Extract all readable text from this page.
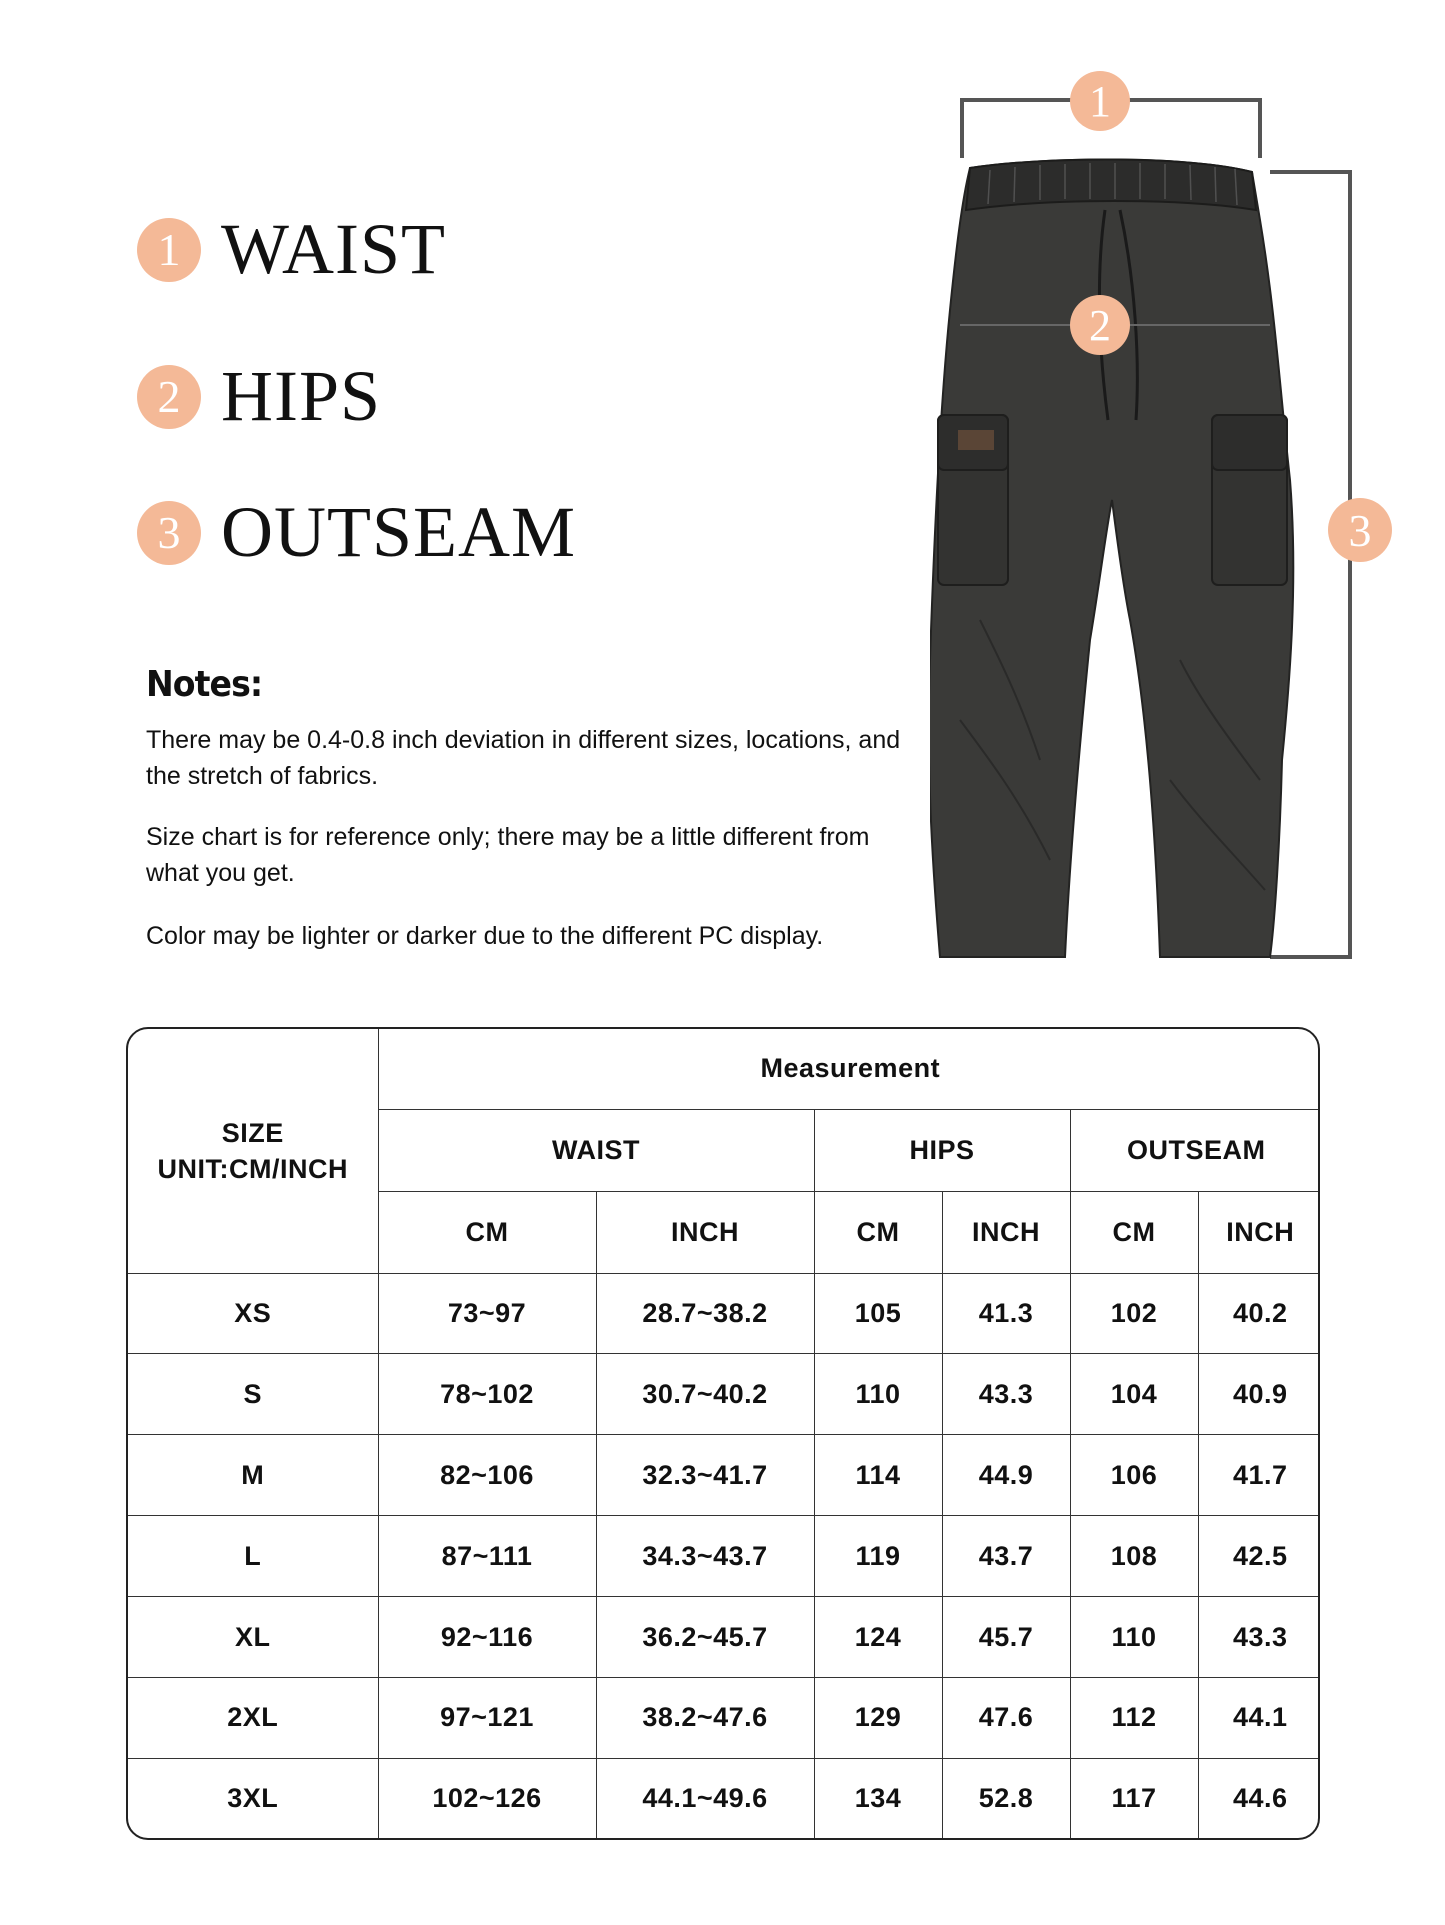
1 WAIST
2 HIPS
3 OUTSEAM
Notes:
There may be 0.4-0.8 inch deviation in different sizes, locations, and the stretch of fabrics.
Size chart is for reference only; there may be a little different from what you get.
Color may be lighter or darker due to the different PC display.
1
2
3
SIZE
UNIT:CM/INCH	Measurement					
	WAIST		HIPS		OUTSEAM	
	CM	INCH	CM	INCH	CM	INCH
XS	73~97	28.7~38.2	105	41.3	102	40.2
S	78~102	30.7~40.2	110	43.3	104	40.9
M	82~106	32.3~41.7	114	44.9	106	41.7
L	87~111	34.3~43.7	119	43.7	108	42.5
XL	92~116	36.2~45.7	124	45.7	110	43.3
2XL	97~121	38.2~47.6	129	47.6	112	44.1
3XL	102~126	44.1~49.6	134	52.8	117	44.6
